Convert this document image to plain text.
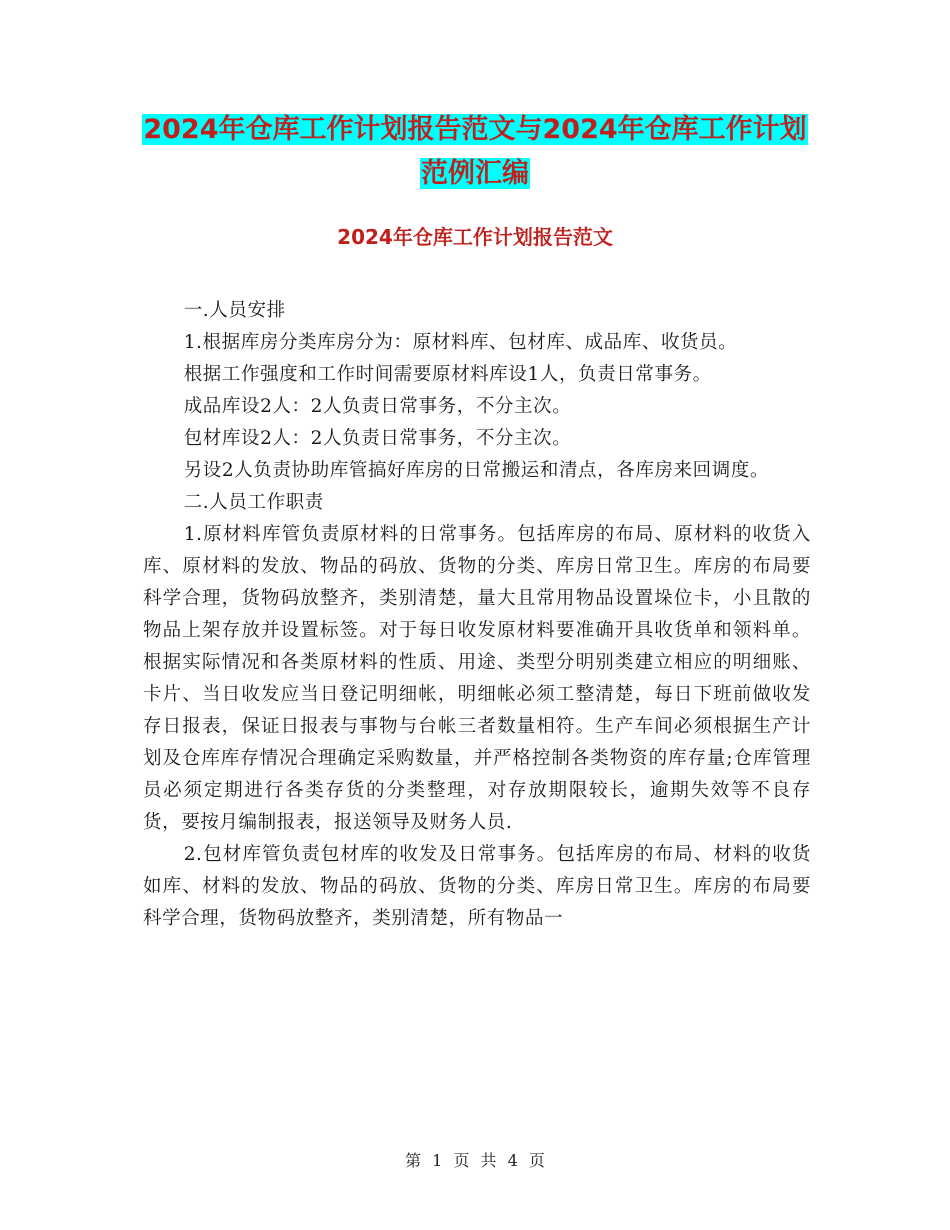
2024年仓库工作计划报告范文与2024年仓库工作计划
范例汇编
2024年仓库工作计划报告范文

一.人员安排

1.根据库房分类库房分为：原材料库、包材库、成品库、收货员。

根据工作强度和工作时间需要原材料库设1人，负责日常事务。

成品库设2人：2人负责日常事务，不分主次。

包材库设2人：2人负责日常事务，不分主次。

另设2人负责协助库管搞好库房的日常搬运和清点，各库房来回调度。

二.人员工作职责

1.原材料库管负责原材料的日常事务。包括库房的布局、原材料的收货入库、原材料的发放、物品的码放、货物的分类、库房日常卫生。库房的布局要科学合理，货物码放整齐，类别清楚，量大且常用物品设置垛位卡，小且散的物品上架存放并设置标签。对于每日收发原材料要准确开具收货单和领料单。根据实际情况和各类原材料的性质、用途、类型分明别类建立相应的明细账、卡片、当日收发应当日登记明细帐，明细帐必须工整清楚，每日下班前做收发存日报表，保证日报表与事物与台帐三者数量相符。生产车间必须根据生产计划及仓库库存情况合理确定采购数量，并严格控制各类物资的库存量;仓库管理员必须定期进行各类存货的分类整理，对存放期限较长，逾期失效等不良存货，要按月编制报表，报送领导及财务人员.

2.包材库管负责包材库的收发及日常事务。包括库房的布局、材料的收货如库、材料的发放、物品的码放、货物的分类、库房日常卫生。库房的布局要科学合理，货物码放整齐，类别清楚，所有物品一

第 1 页 共 4 页
